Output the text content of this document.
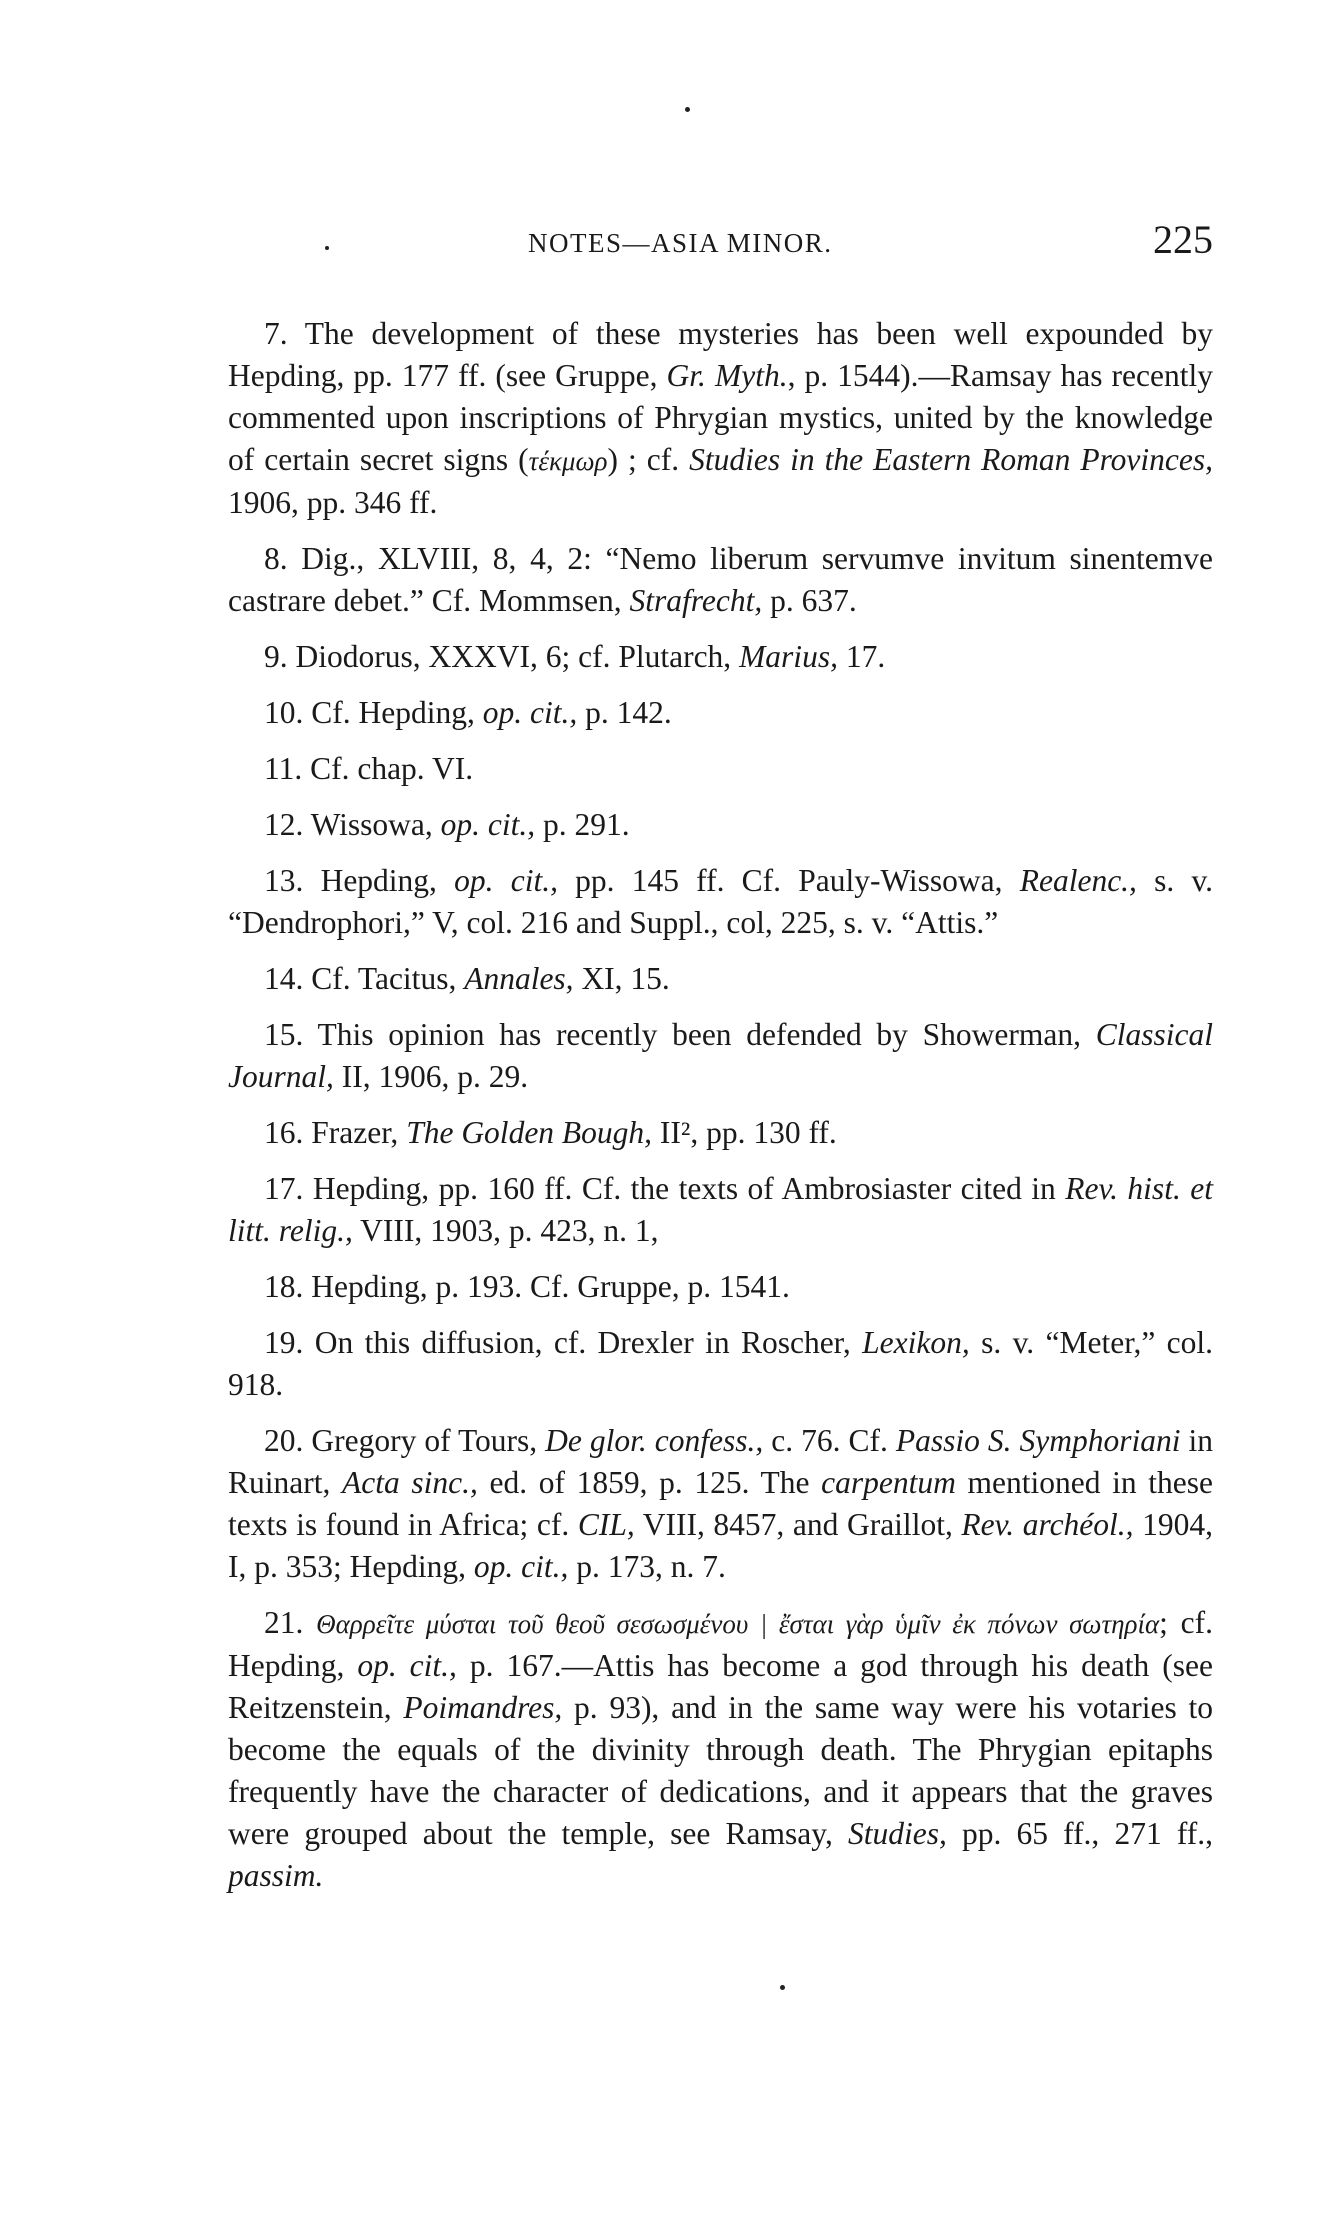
NOTES—ASIA MINOR.	225

7. The development of these mysteries has been well expounded by Hepding, pp. 177 ff. (see Gruppe, Gr. Myth., p. 1544).—Ramsay has recently commented upon inscriptions of Phrygian mystics, united by the knowledge of certain secret signs (τέκμωρ) ; cf. Studies in the Eastern Roman Provinces, 1906, pp. 346 ff.

8. Dig., XLVIII, 8, 4, 2: “Nemo liberum servumve invitum sinentemve castrare debet.” Cf. Mommsen, Strafrecht, p. 637.

9. Diodorus, XXXVI, 6; cf. Plutarch, Marius, 17.

10. Cf. Hepding, op. cit., p. 142.

11. Cf. chap. VI.

12. Wissowa, op. cit., p. 291.

13. Hepding, op. cit., pp. 145 ff. Cf. Pauly-Wissowa, Realenc., s. v. “Dendrophori,” V, col. 216 and Suppl., col, 225, s. v. “Attis.”

14. Cf. Tacitus, Annales, XI, 15.

15. This opinion has recently been defended by Showerman, Classical Journal, II, 1906, p. 29.

16. Frazer, The Golden Bough, II², pp. 130 ff.

17. Hepding, pp. 160 ff. Cf. the texts of Ambrosiaster cited in Rev. hist. et litt. relig., VIII, 1903, p. 423, n. 1,

18. Hepding, p. 193. Cf. Gruppe, p. 1541.

19. On this diffusion, cf. Drexler in Roscher, Lexikon, s. v. “Meter,” col. 918.

20. Gregory of Tours, De glor. confess., c. 76. Cf. Passio S. Symphoriani in Ruinart, Acta sinc., ed. of 1859, p. 125. The carpentum mentioned in these texts is found in Africa; cf. CIL, VIII, 8457, and Graillot, Rev. archéol., 1904, I, p. 353; Hepding, op. cit., p. 173, n. 7.

21. Θαρρεῖτε μύσται τοῦ θεοῦ σεσωσμένου | ἔσται γὰρ ὑμῖν ἐκ πόνων σωτηρία; cf. Hepding, op. cit., p. 167.—Attis has become a god through his death (see Reitzenstein, Poimandres, p. 93), and in the same way were his votaries to become the equals of the divinity through death. The Phrygian epitaphs frequently have the character of dedications, and it appears that the graves were grouped about the temple, see Ramsay, Studies, pp. 65 ff., 271 ff., passim.
